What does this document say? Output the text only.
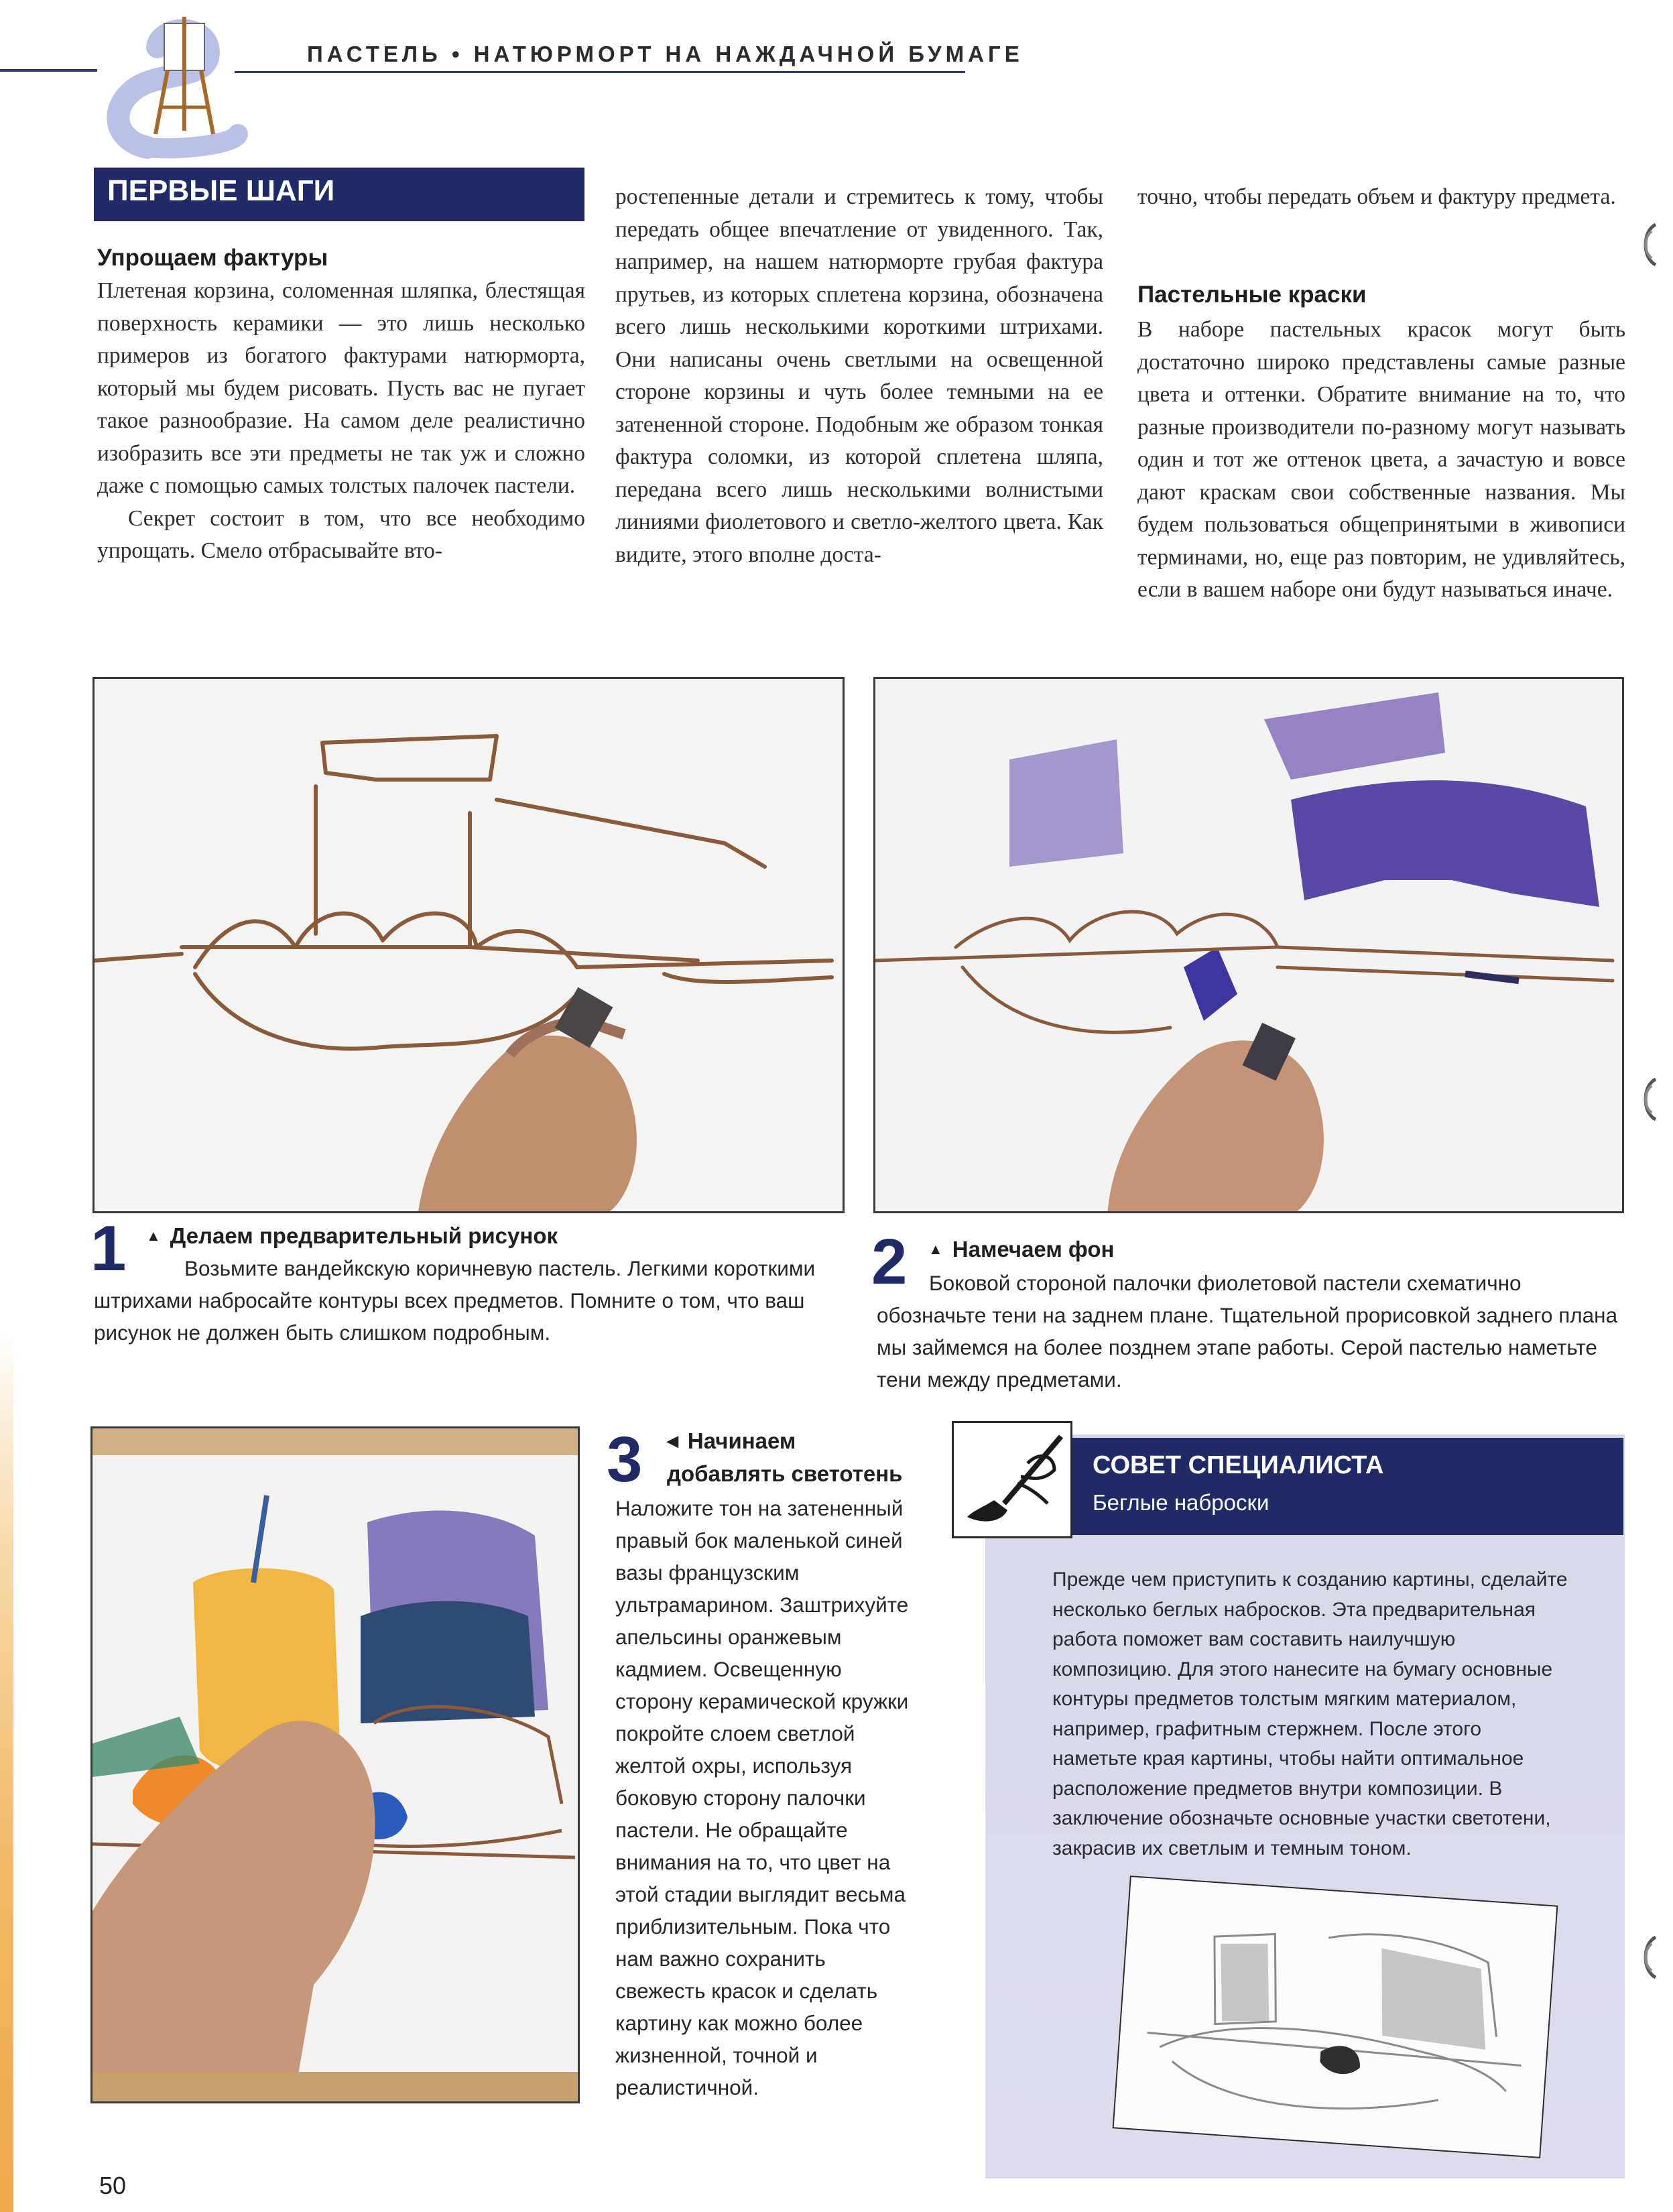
ПАСТЕЛЬ • НАТЮРМОРТ НА НАЖДАЧНОЙ БУМАГЕ
ПЕРВЫЕ ШАГИ
Упрощаем фактуры

Плетеная корзина, соломенная шляпка, блестящая поверхность керамики — это лишь несколько примеров из богатого фактурами натюрморта, который мы будем рисовать. Пусть вас не пугает такое разнообразие. На самом деле реалистично изобразить все эти предметы не так уж и сложно даже с помощью самых толстых палочек пастели.

Секрет состоит в том, что все необходимо упрощать. Смело отбрасывайте вто-

ростепенные детали и стремитесь к тому, чтобы передать общее впечатление от увиденного. Так, например, на нашем натюрморте грубая фактура прутьев, из которых сплетена корзина, обозначена всего лишь несколькими короткими штрихами. Они написаны очень светлыми на освещенной стороне корзины и чуть более темными на ее затененной стороне. Подобным же образом тонкая фактура соломки, из которой сплетена шляпа, передана всего лишь несколькими волнистыми линиями фиолетового и светло-желтого цвета. Как видите, этого вполне доста-

точно, чтобы передать объем и фактуру предмета.

Пастельные краски

В наборе пастельных красок могут быть достаточно широко представлены самые разные цвета и оттенки. Обратите внимание на то, что разные производители по-разному могут называть один и тот же оттенок цвета, а зачастую и вовсе дают краскам свои собственные названия. Мы будем пользоваться общепринятыми в живописи терминами, но, еще раз повторим, не удивляйтесь, если в вашем наборе они будут называться иначе.

1 ▲ Делаем предварительный рисунок
Возьмите вандейкскую коричневую пастель. Легкими короткими штрихами набросайте контуры всех предметов. Помните о том, что ваш рисунок не должен быть слишком подробным.
2 ▲ Намечаем фон
Боковой стороной палочки фиолетовой пастели схематично обозначьте тени на заднем плане. Тщательной прорисовкой заднего плана мы займемся на более позднем этапе работы. Серой пастелью наметьте тени между предметами.
3 ◀ Начинаем
добавлять светотень
Наложите тон на затененный правый бок маленькой синей вазы французским ультрамарином. Заштрихуйте апельсины оранжевым кадмием. Освещенную сторону керамической кружки покройте слоем светлой желтой охры, используя боковую сторону палочки пастели. Не обращайте внимания на то, что цвет на этой стадии выглядит весьма приблизительным. Пока что нам важно сохранить свежесть красок и сделать картину как можно более жизненной, точной и реалистичной.
СОВЕТ СПЕЦИАЛИСТА
Беглые наброски
Прежде чем приступить к созданию картины, сделайте несколько беглых набросков. Эта предварительная работа поможет вам составить наилучшую композицию. Для этого нанесите на бумагу основные контуры предметов толстым мягким материалом, например, графитным стержнем. После этого наметьте края картины, чтобы найти оптимальное расположение предметов внутри композиции. В заключение обозначьте основные участки светотени, закрасив их светлым и темным тоном.
50
